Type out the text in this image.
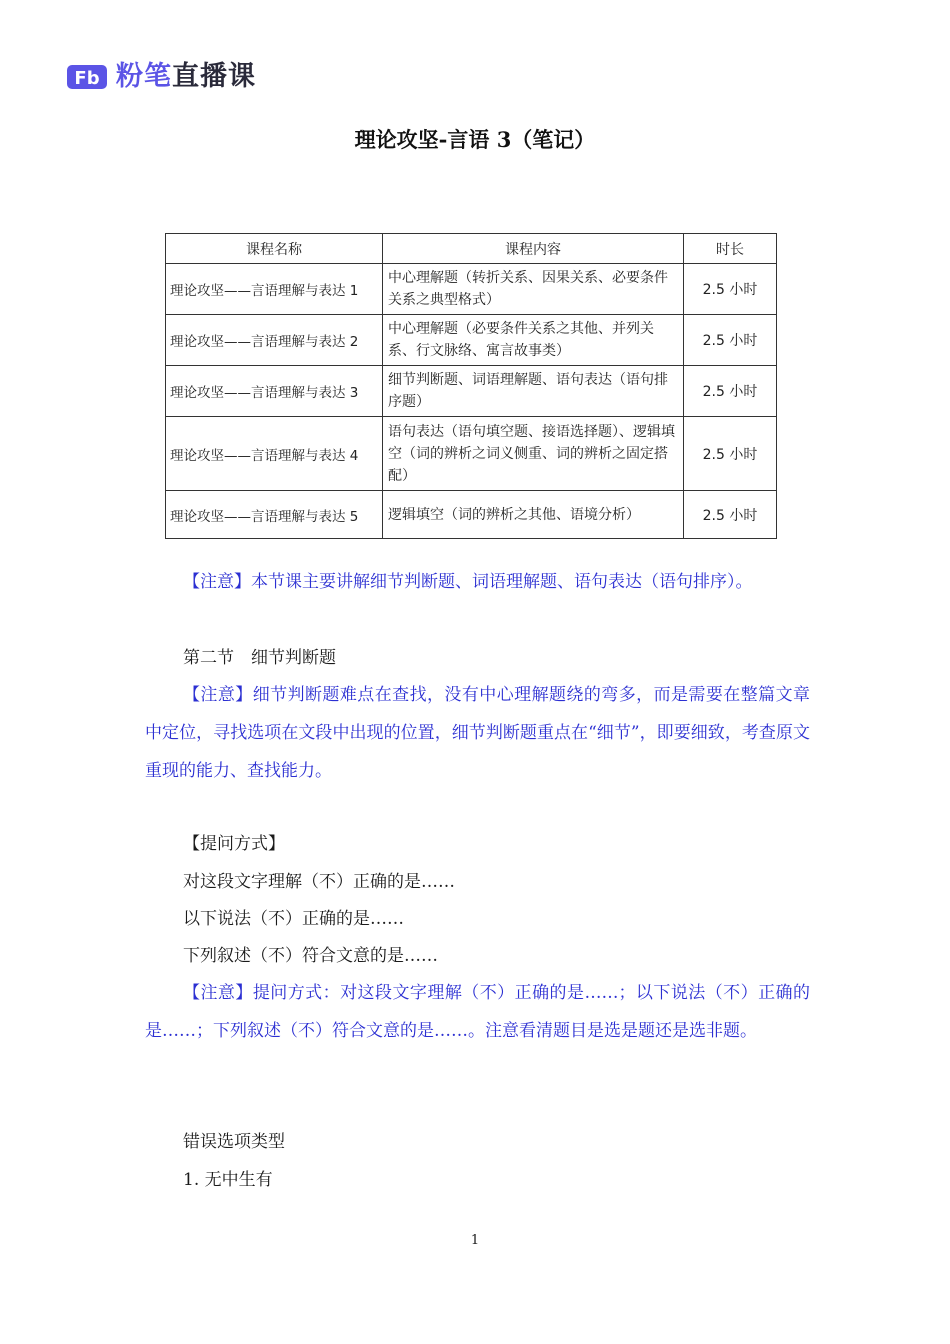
Fb 粉笔直播课
理论攻坚-言语 3（笔记）
课程名称	课程内容	时长
理论攻坚——言语理解与表达 1	中心理解题（转折关系、因果关系、必要条件关系之典型格式）	2.5 小时
理论攻坚——言语理解与表达 2	中心理解题（必要条件关系之其他、并列关系、行文脉络、寓言故事类）	2.5 小时
理论攻坚——言语理解与表达 3	细节判断题、词语理解题、语句表达（语句排序题）	2.5 小时
理论攻坚——言语理解与表达 4	语句表达（语句填空题、接语选择题）、逻辑填空（词的辨析之词义侧重、词的辨析之固定搭配）	2.5 小时
理论攻坚——言语理解与表达 5	逻辑填空（词的辨析之其他、语境分析）	2.5 小时
【注意】本节课主要讲解细节判断题、词语理解题、语句表达（语句排序）。
第二节　细节判断题
【注意】细节判断题难点在查找，没有中心理解题绕的弯多，而是需要在整篇文章中定位，寻找选项在文段中出现的位置，细节判断题重点在“细节”，即要细致，考查原文重现的能力、查找能力。
【提问方式】
对这段文字理解（不）正确的是……
以下说法（不）正确的是……
下列叙述（不）符合文意的是……
【注意】提问方式：对这段文字理解（不）正确的是……；以下说法（不）正确的是……；下列叙述（不）符合文意的是……。注意看清题目是选是题还是选非题。
错误选项类型
1. 无中生有
1
